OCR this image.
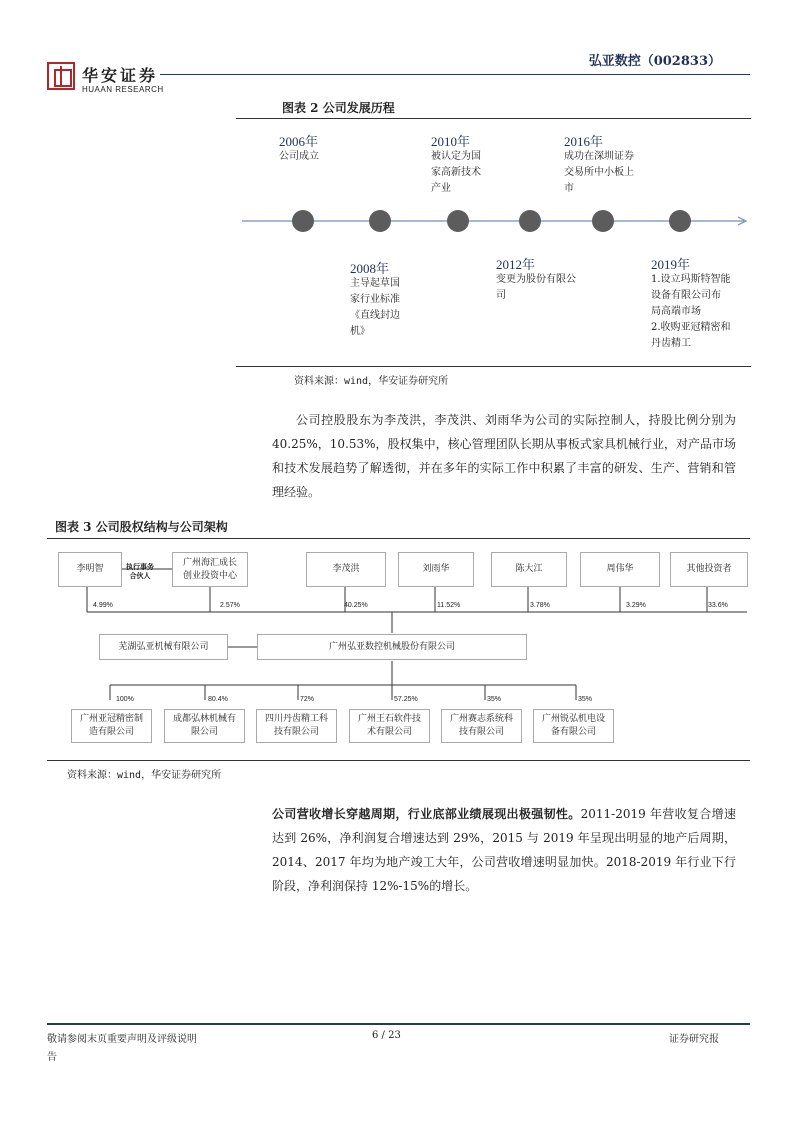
华安证券
HUAAN RESEARCH
弘亚数控（002833）
图表 2 公司发展历程
2006年
公司成立
2010年
被认定为国
家高新技术
产业
2016年
成功在深圳证券
交易所中小板上
市
2008年
主导起草国
家行业标准
《直线封边
机》
2012年
变更为股份有限公
司
2019年
1.设立玛斯特智能
设备有限公司布
局高端市场
2.收购亚冠精密和
丹齿精工
资料来源：wind，华安证券研究所
公司控股股东为李茂洪，李茂洪、刘雨华为公司的实际控制人，持股比例分别为 40.25%，10.53%，股权集中，核心管理团队长期从事板式家具机械行业，对产品市场和技术发展趋势了解透彻，并在多年的实际工作中积累了丰富的研发、生产、营销和管理经验。
图表 3 公司股权结构与公司架构
李明智
4.99%
广州海汇成长
创业投资中心
2.57%
李茂洪
40.25%
刘雨华
11.52%
陈大江
3.78%
周伟华
3.29%
其他投资者
33.6%
执行事务
合伙人
芜湖弘亚机械有限公司	广州弘亚数控机械股份有限公司
广州亚冠精密制
造有限公司
100%
成都弘林机械有
限公司
80.4%
四川丹齿精工科
技有限公司
72%
广州王石软件技
术有限公司
57.25%
广州赛志系统科
技有限公司
35%
广州锐弘机电设
备有限公司
35%
资料来源：wind，华安证券研究所
公司营收增长穿越周期，行业底部业绩展现出极强韧性。2011-2019 年营收复合增速达到 26%，净利润复合增速达到 29%，2015 与 2019 年呈现出明显的地产后周期，2014、2017 年均为地产竣工大年，公司营收增速明显加快。2018-2019 年行业下行阶段，净利润保持 12%-15%的增长。
敬请参阅末页重要声明及评级说明
告
6 / 23	证券研究报
